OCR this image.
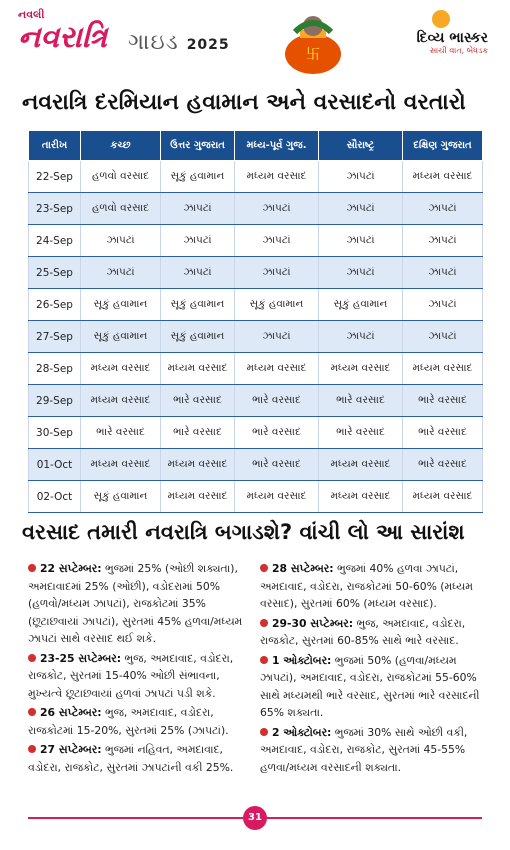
નવલી
નવરાત્રિ ગાઇડ 2025
卐
દિવ્ય ભાસ્કર
સાચી વાત, બેધડક
નવરાત્રિ દરમિયાન હવામાન અને વરસાદનો વરતારો
તારીખ	કચ્છ	ઉત્તર ગુજરાત	મધ્ય-પૂર્વ ગુજ.	સૌરાષ્ટ્ર	દક્ષિણ ગુજરાત
22-Sep	હળવો વરસાદ	સૂકું હવામાન	મધ્યમ વરસાદ	ઝાપટાં	મધ્યમ વરસાદ
23-Sep	હળવો વરસાદ	ઝાપટાં	ઝાપટાં	ઝાપટાં	ઝાપટાં
24-Sep	ઝાપટાં	ઝાપટાં	ઝાપટાં	ઝાપટાં	ઝાપટાં
25-Sep	ઝાપટાં	ઝાપટાં	ઝાપટાં	ઝાપટાં	ઝાપટાં
26-Sep	સૂકું હવામાન	સૂકું હવામાન	સૂકું હવામાન	સૂકું હવામાન	ઝાપટાં
27-Sep	સૂકું હવામાન	સૂકું હવામાન	ઝાપટાં	ઝાપટાં	ઝાપટાં
28-Sep	મધ્યમ વરસાદ	મધ્યમ વરસાદ	મધ્યમ વરસાદ	મધ્યમ વરસાદ	મધ્યમ વરસાદ
29-Sep	મધ્યમ વરસાદ	ભારે વરસાદ	ભારે વરસાદ	ભારે વરસાદ	ભારે વરસાદ
30-Sep	ભારે વરસાદ	ભારે વરસાદ	ભારે વરસાદ	ભારે વરસાદ	ભારે વરસાદ
01-Oct	મધ્યમ વરસાદ	મધ્યમ વરસાદ	ભારે વરસાદ	મધ્યમ વરસાદ	ભારે વરસાદ
02-Oct	સૂકું હવામાન	મધ્યમ વરસાદ	મધ્યમ વરસાદ	મધ્યમ વરસાદ	મધ્યમ વરસાદ
વરસાદ તમારી નવરાત્રિ બગાડશે? વાંચી લો આ સારાંશ
22 સપ્ટેમ્બર: ભુજમાં 25% (ઓછી શક્યતા), અમદાવાદમાં 25% (ઓછી), વડોદરામાં 50% (હળવો/મધ્યમ ઝાપટાં), રાજકોટમાં 35% (છૂટાછવાયાં ઝાપટાં), સુરતમાં 45% હળવા/મધ્યમ ઝાપટાં સાથે વરસાદ થઈ શકે.
23-25 સપ્ટેમ્બર: ભુજ, અમદાવાદ, વડોદરા, રાજકોટ, સુરતમાં 15-40% ઓછી સંભાવના, મુખ્યત્વે છૂટાછવાયાં હળવાં ઝાપટાં પડી શકે.
26 સપ્ટેમ્બર: ભુજ, અમદાવાદ, વડોદરા, રાજકોટમાં 15-20%, સુરતમાં 25% (ઝાપટાં).
27 સપ્ટેમ્બર: ભુજમાં નહિવત, અમદાવાદ, વડોદરા, રાજકોટ, સુરતમાં ઝાપટાંની વકી 25%.
28 સપ્ટેમ્બર: ભુજમાં 40% હળવા ઝાપટાં, અમદાવાદ, વડોદરા, રાજકોટમાં 50-60% (મધ્યમ વરસાદ), સુરતમાં 60% (મધ્યમ વરસાદ).
29-30 સપ્ટેમ્બર: ભુજ, અમદાવાદ, વડોદરા, રાજકોટ, સુરતમાં 60-85% સાથે ભારે વરસાદ.
1 ઓક્ટોબર: ભુજમાં 50% (હળવા/મધ્યમ ઝાપટાં), અમદાવાદ, વડોદરા, રાજકોટમાં 55-60% સાથે મધ્યમથી ભારે વરસાદ, સુરતમાં ભારે વરસાદની 65% શક્યતા.
2 ઓક્ટોબર: ભુજમાં 30% સાથે ઓછી વકી, અમદાવાદ, વડોદરા, રાજકોટ, સુરતમાં 45-55% હળવા/મધ્યમ વરસાદની શક્યતા.
31
